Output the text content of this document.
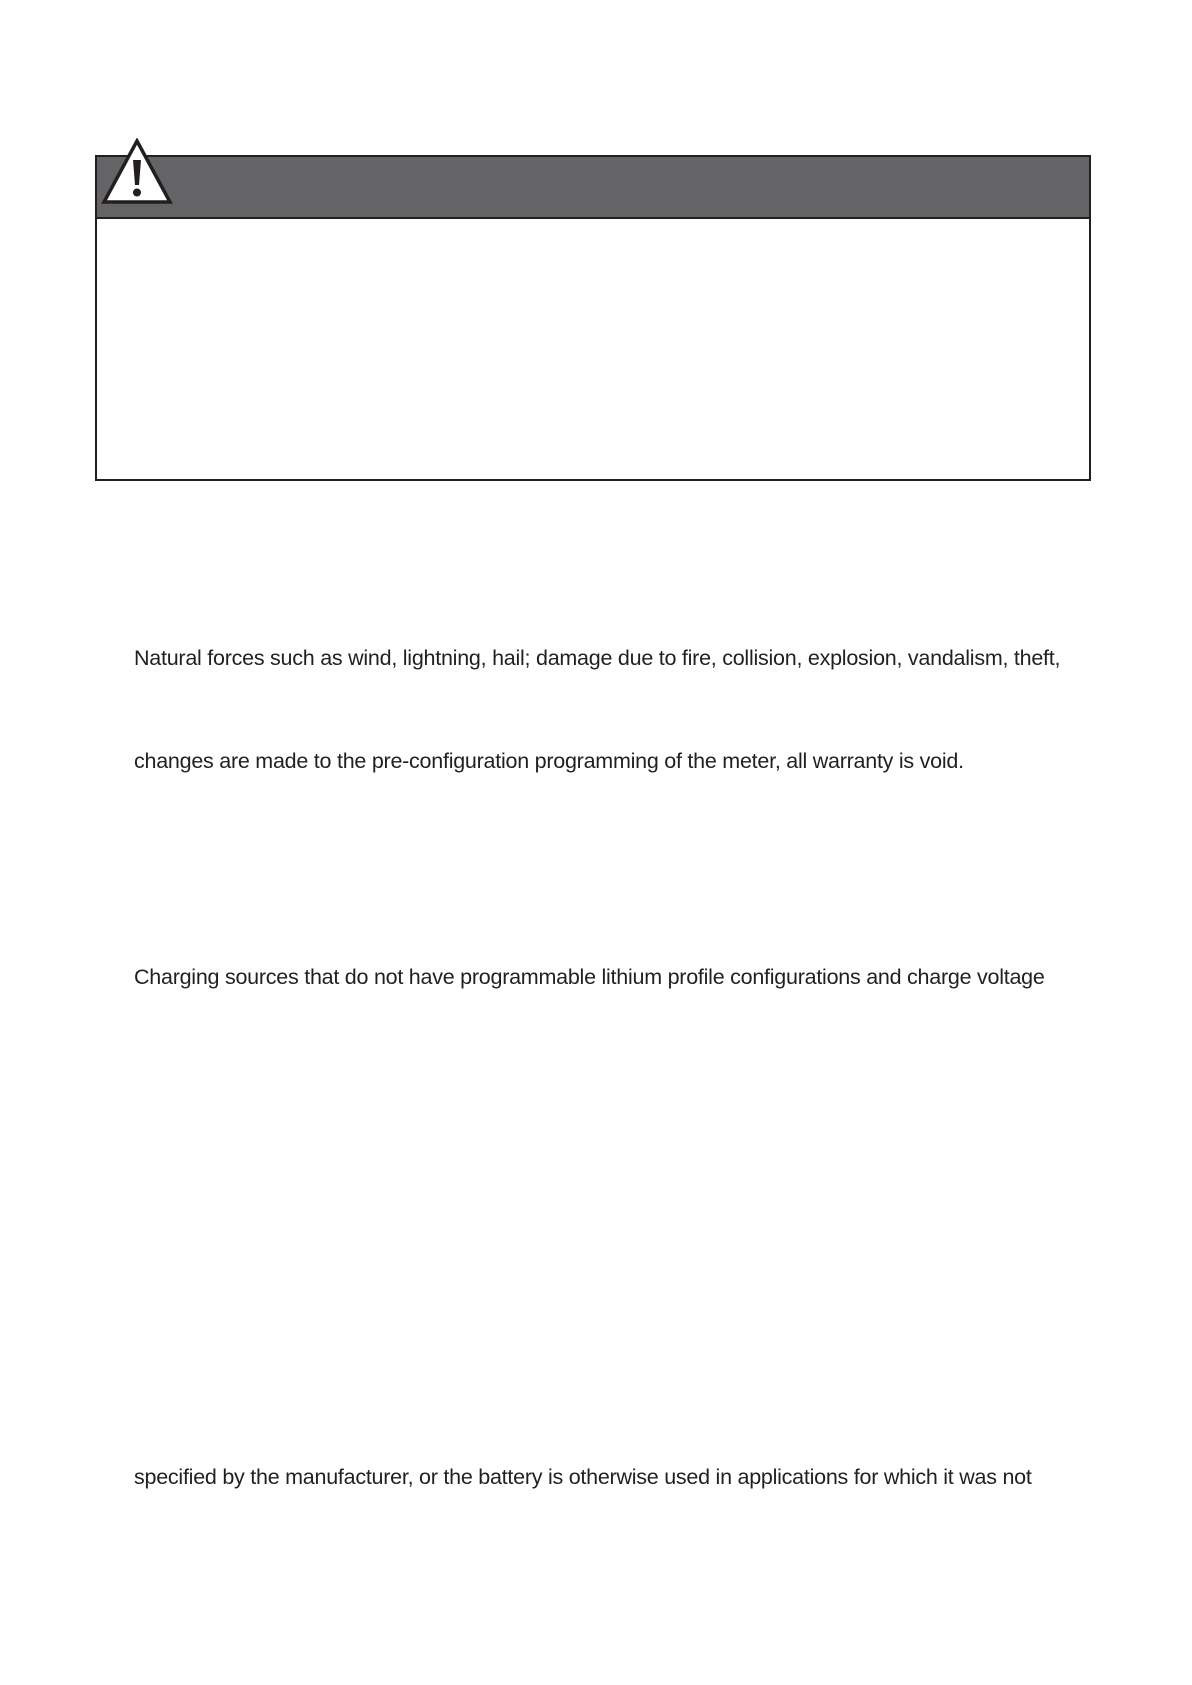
Natural forces such as wind, lightning, hail; damage due to fire, collision, explosion, vandalism, theft,

changes are made to the pre-configuration programming of the meter, all warranty is void.

Charging sources that do not have programmable lithium profile configurations and charge voltage

specified by the manufacturer, or the battery is otherwise used in applications for which it was not
